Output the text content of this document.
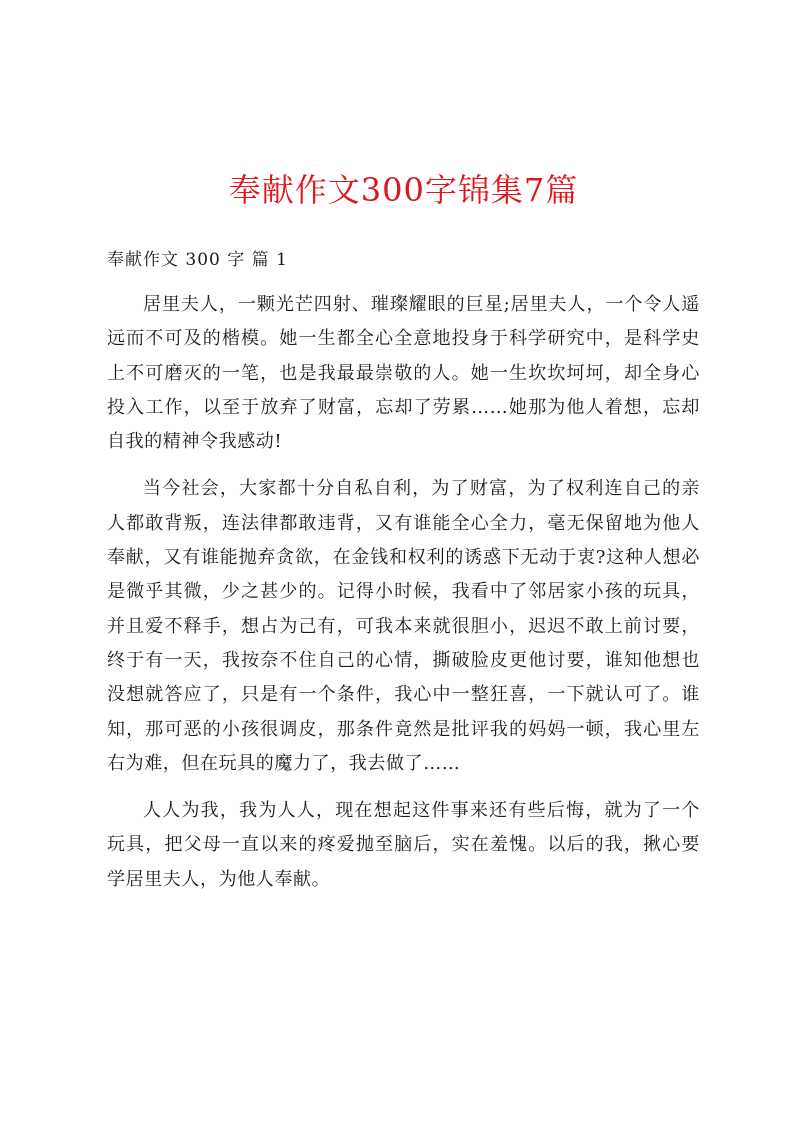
奉献作文300字锦集7篇
奉献作文 300 字 篇 1

居里夫人，一颗光芒四射、璀璨耀眼的巨星;居里夫人，一个令人遥远而不可及的楷模。她一生都全心全意地投身于科学研究中，是科学史上不可磨灭的一笔，也是我最最崇敬的人。她一生坎坎坷坷，却全身心投入工作，以至于放弃了财富，忘却了劳累……她那为他人着想，忘却自我的精神令我感动!

当今社会，大家都十分自私自利，为了财富，为了权利连自己的亲人都敢背叛，连法律都敢违背，又有谁能全心全力，毫无保留地为他人奉献，又有谁能抛弃贪欲，在金钱和权利的诱惑下无动于衷?这种人想必是微乎其微，少之甚少的。记得小时候，我看中了邻居家小孩的玩具，并且爱不释手，想占为己有，可我本来就很胆小，迟迟不敢上前讨要，终于有一天，我按奈不住自己的心情，撕破脸皮更他讨要，谁知他想也没想就答应了，只是有一个条件，我心中一整狂喜，一下就认可了。谁知，那可恶的小孩很调皮，那条件竟然是批评我的妈妈一顿，我心里左右为难，但在玩具的魔力了，我去做了……

人人为我，我为人人，现在想起这件事来还有些后悔，就为了一个玩具，把父母一直以来的疼爱抛至脑后，实在羞愧。以后的我，揪心要学居里夫人，为他人奉献。
